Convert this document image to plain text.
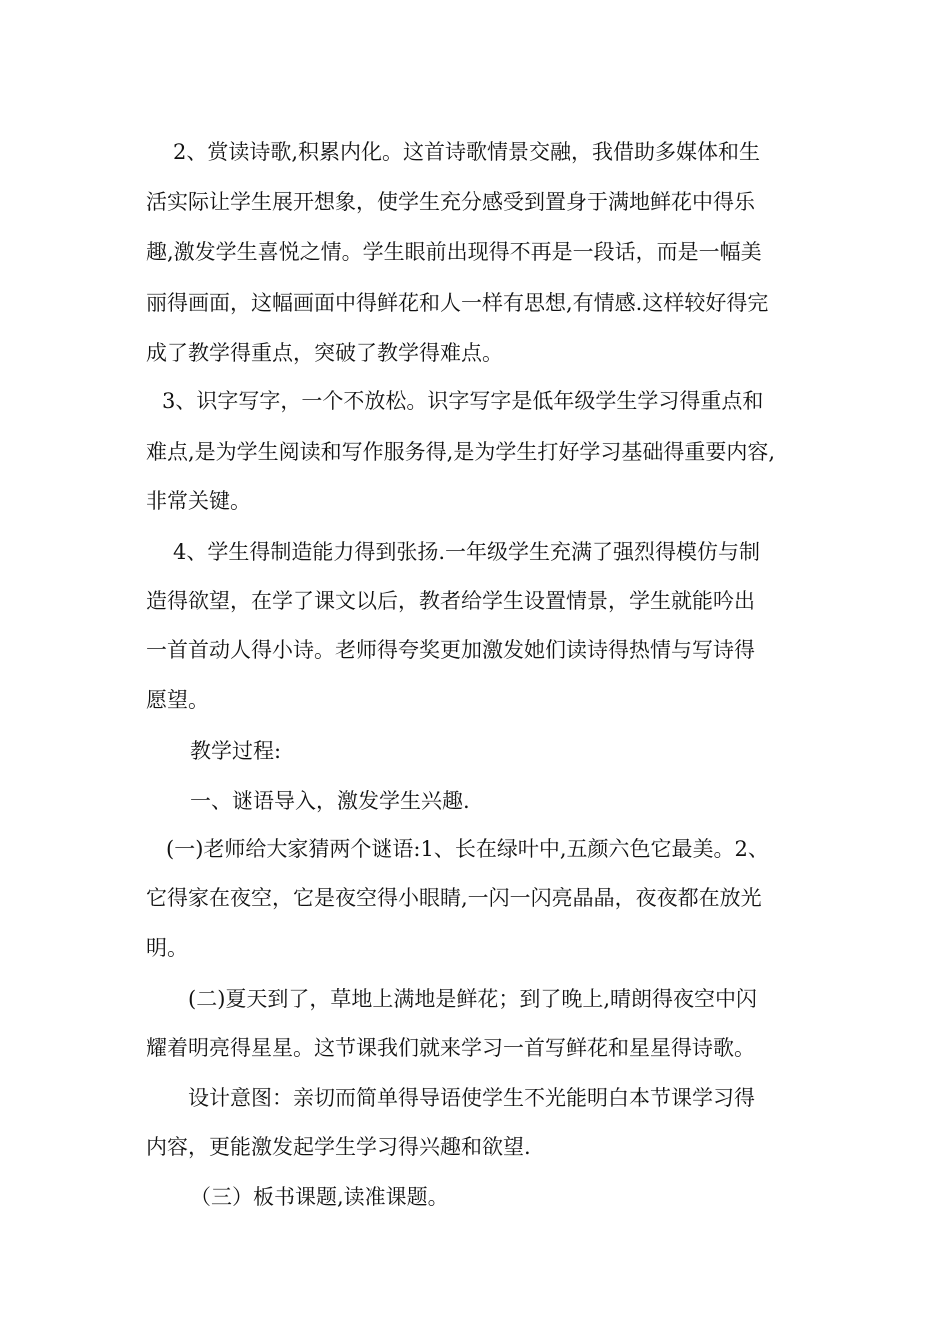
2、赏读诗歌,积累内化。这首诗歌情景交融，我借助多媒体和生
活实际让学生展开想象，使学生充分感受到置身于满地鲜花中得乐
趣,激发学生喜悦之情。学生眼前出现得不再是一段话，而是一幅美
丽得画面，这幅画面中得鲜花和人一样有思想,有情感.这样较好得完
成了教学得重点，突破了教学得难点。
3、识字写字，一个不放松。识字写字是低年级学生学习得重点和
难点,是为学生阅读和写作服务得,是为学生打好学习基础得重要内容,
非常关键。
4、学生得制造能力得到张扬.一年级学生充满了强烈得模仿与制
造得欲望，在学了课文以后，教者给学生设置情景，学生就能吟出
一首首动人得小诗。老师得夸奖更加激发她们读诗得热情与写诗得
愿望。
教学过程:
一、谜语导入，激发学生兴趣.
(一)老师给大家猜两个谜语:1、长在绿叶中,五颜六色它最美。2、
它得家在夜空，它是夜空得小眼睛,一闪一闪亮晶晶，夜夜都在放光
明。
(二)夏天到了，草地上满地是鲜花；到了晚上,晴朗得夜空中闪
耀着明亮得星星。这节课我们就来学习一首写鲜花和星星得诗歌。
设计意图：亲切而简单得导语使学生不光能明白本节课学习得
内容，更能激发起学生学习得兴趣和欲望.
（三）板书课题,读准课题。
